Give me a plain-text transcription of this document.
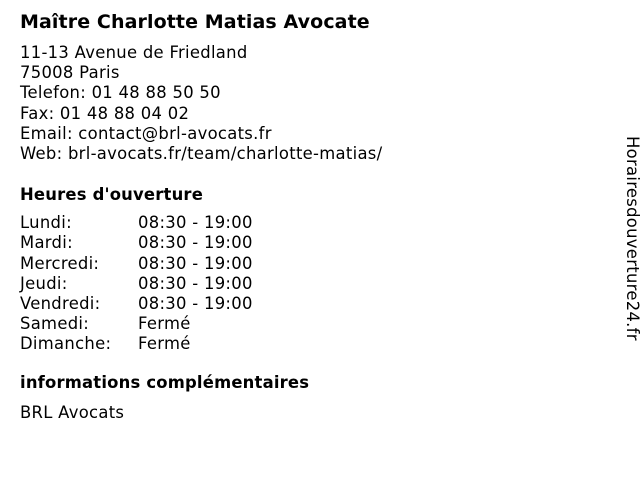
Maître Charlotte Matias Avocate
11-13 Avenue de Friedland
75008 Paris
Telefon: 01 48 88 50 50
Fax: 01 48 88 04 02
Email: contact@brl-avocats.fr
Web: brl-avocats.fr/team/charlotte-matias/
Heures d'ouverture
Lundi:	08:30 - 19:00
Mardi:	08:30 - 19:00
Mercredi:	08:30 - 19:00
Jeudi:	08:30 - 19:00
Vendredi:	08:30 - 19:00
Samedi:	Fermé
Dimanche:	Fermé
informations complémentaires
BRL Avocats
Horairesdouverture24.fr
